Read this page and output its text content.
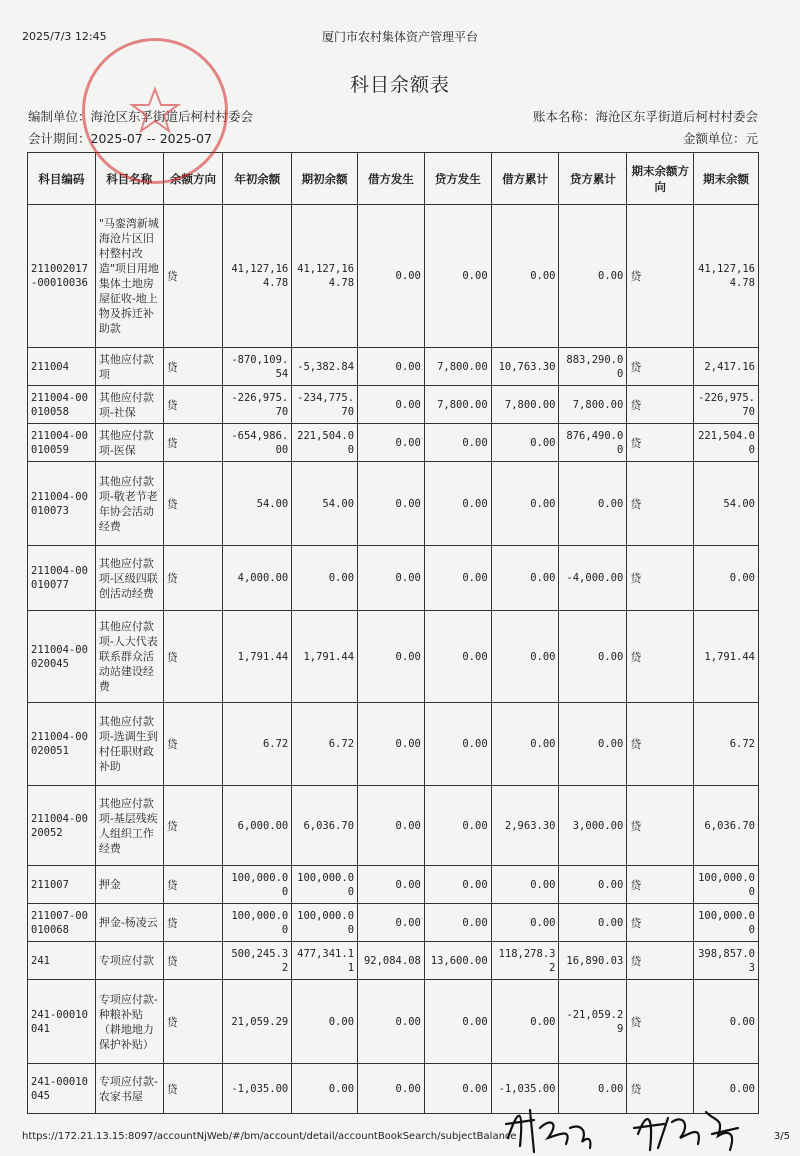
2025/7/3 12:45	厦门市农村集体资产管理平台
科目余额表
编制单位：海沧区东孚街道后柯村村委会
会计期间：2025-07 -- 2025-07
账本名称：海沧区东孚街道后柯村村委会
金额单位：元
科目编码	科目名称	余额方向	年初余额	期初余额	借方发生	贷方发生	借方累计	贷方累计	期末余额方向	期末余额
211002017-00010036	"马銮湾新城海沧片区旧村整村改造"项目用地集体土地房屋征收-地上物及拆迁补助款	贷	41,127,164.78	41,127,164.78	0.00	0.00	0.00	0.00	贷	41,127,164.78
211004	其他应付款项	贷	-870,109.54	-5,382.84	0.00	7,800.00	10,763.30	883,290.00	贷	2,417.16
211004-00010058	其他应付款项-社保	贷	-226,975.70	-234,775.70	0.00	7,800.00	7,800.00	7,800.00	贷	-226,975.70
211004-00010059	其他应付款项-医保	贷	-654,986.00	221,504.00	0.00	0.00	0.00	876,490.00	贷	221,504.00
211004-00010073	其他应付款项-敬老节老年协会活动经费	贷	54.00	54.00	0.00	0.00	0.00	0.00	贷	54.00
211004-00010077	其他应付款项-区级四联创活动经费	贷	4,000.00	0.00	0.00	0.00	0.00	-4,000.00	贷	0.00
211004-00020045	其他应付款项-人大代表联系群众活动站建设经费	贷	1,791.44	1,791.44	0.00	0.00	0.00	0.00	贷	1,791.44
211004-00020051	其他应付款项-选调生到村任职财政补助	贷	6.72	6.72	0.00	0.00	0.00	0.00	贷	6.72
211004-0020052	其他应付款项-基层残疾人组织工作经费	贷	6,000.00	6,036.70	0.00	0.00	2,963.30	3,000.00	贷	6,036.70
211007	押金	贷	100,000.00	100,000.00	0.00	0.00	0.00	0.00	贷	100,000.00
211007-00010068	押金-杨凌云	贷	100,000.00	100,000.00	0.00	0.00	0.00	0.00	贷	100,000.00
241	专项应付款	贷	500,245.32	477,341.11	92,084.08	13,600.00	118,278.32	16,890.03	贷	398,857.03
241-00010041	专项应付款-种粮补贴（耕地地力保护补贴）	贷	21,059.29	0.00	0.00	0.00	0.00	-21,059.29	贷	0.00
241-00010045	专项应付款-农家书屋	贷	-1,035.00	0.00	0.00	0.00	-1,035.00	0.00	贷	0.00
https://172.21.13.15:8097/accountNjWeb/#/bm/account/detail/accountBookSearch/subjectBalance	3/5
